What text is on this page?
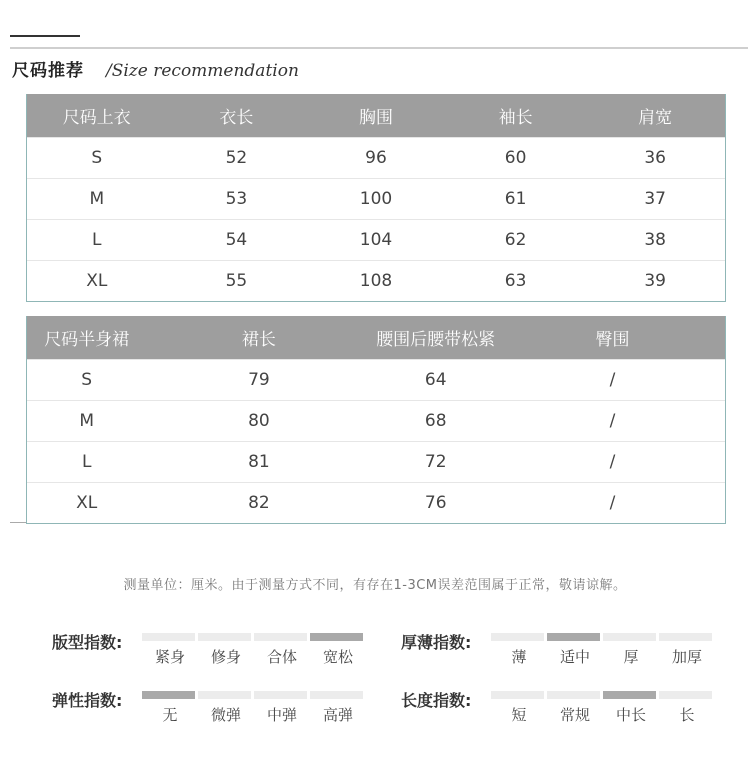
尺码推荐 /Size recommendation
尺码上衣	衣长	胸围	袖长	肩宽
S	52	96	60	36
M	53	100	61	37
L	54	104	62	38
XL	55	108	63	39
尺码半身裙	裙长	腰围后腰带松紧	臀围
S	79	64	/
M	80	68	/
L	81	72	/
XL	82	76	/
测量单位：厘米。由于测量方式不同，有存在1-3CM误差范围属于正常，敬请谅解。
版型指数:
紧身	修身	合体	宽松
厚薄指数:
薄	适中	厚	加厚
弹性指数:
无	微弹	中弹	高弹
长度指数:
短	常规	中长	长
